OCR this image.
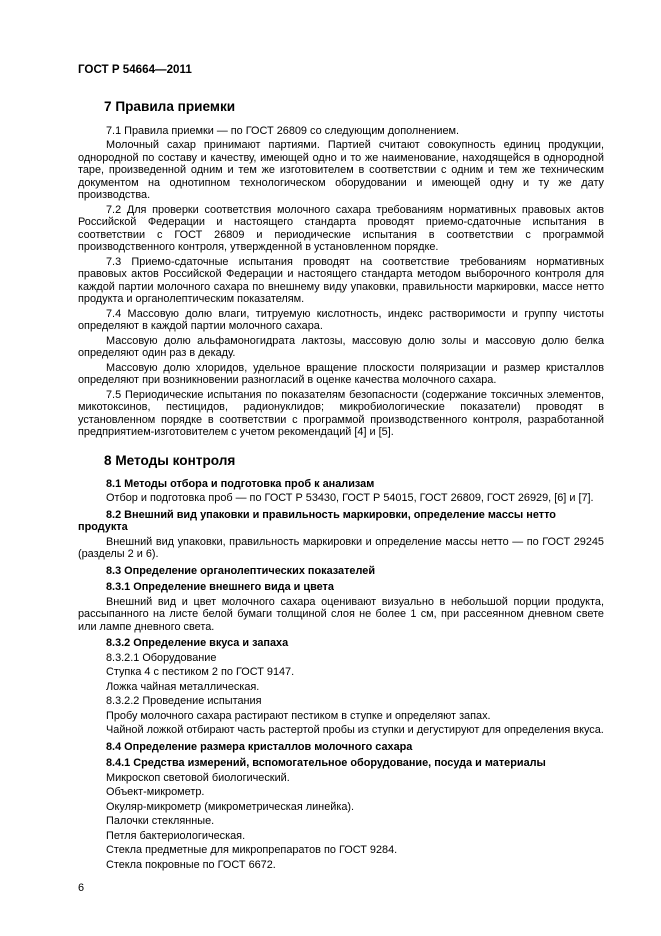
ГОСТ Р 54664—2011
7 Правила приемки

7.1 Правила приемки — по ГОСТ 26809 со следующим дополнением.

Молочный сахар принимают партиями. Партией считают совокупность единиц продукции, однородной по составу и качеству, имеющей одно и то же наименование, находящейся в однородной таре, произведенной одним и тем же изготовителем в соответствии с одним и тем же техническим документом на однотипном технологическом оборудовании и имеющей одну и ту же дату производства.

7.2 Для проверки соответствия молочного сахара требованиям нормативных правовых актов Российской Федерации и настоящего стандарта проводят приемо-сдаточные испытания в соответствии с ГОСТ 26809 и периодические испытания в соответствии с программой производственного контроля, утвержденной в установленном порядке.

7.3 Приемо-сдаточные испытания проводят на соответствие требованиям нормативных правовых актов Российской Федерации и настоящего стандарта методом выборочного контроля для каждой партии молочного сахара по внешнему виду упаковки, правильности маркировки, массе нетто продукта и органолептическим показателям.

7.4 Массовую долю влаги, титруемую кислотность, индекс растворимости и группу чистоты определяют в каждой партии молочного сахара.

Массовую долю альфамоногидрата лактозы, массовую долю золы и массовую долю белка определяют один раз в декаду.

Массовую долю хлоридов, удельное вращение плоскости поляризации и размер кристаллов определяют при возникновении разногласий в оценке качества молочного сахара.

7.5 Периодические испытания по показателям безопасности (содержание токсичных элементов, микотоксинов, пестицидов, радионуклидов; микробиологические показатели) проводят в установленном порядке в соответствии с программой производственного контроля, разработанной предприятием-изготовителем с учетом рекомендаций [4] и [5].

8 Методы контроля
8.1 Методы отбора и подготовка проб к анализам

Отбор и подготовка проб — по ГОСТ Р 53430, ГОСТ Р 54015, ГОСТ 26809, ГОСТ 26929, [6] и [7].

8.2 Внешний вид упаковки и правильность маркировки, определение массы нетто продукта

Внешний вид упаковки, правильность маркировки и определение массы нетто — по ГОСТ 29245 (разделы 2 и 6).

8.3 Определение органолептических показателей
8.3.1 Определение внешнего вида и цвета

Внешний вид и цвет молочного сахара оценивают визуально в небольшой порции продукта, рассыпанного на листе белой бумаги толщиной слоя не более 1 см, при рассеянном дневном свете или лампе дневного света.

8.3.2 Определение вкуса и запаха

8.3.2.1 Оборудование

Ступка 4 с пестиком 2 по ГОСТ 9147.

Ложка чайная металлическая.

8.3.2.2 Проведение испытания

Пробу молочного сахара растирают пестиком в ступке и определяют запах.

Чайной ложкой отбирают часть растертой пробы из ступки и дегустируют для определения вкуса.

8.4 Определение размера кристаллов молочного сахара
8.4.1 Средства измерений, вспомогательное оборудование, посуда и материалы

Микроскоп световой биологический.

Объект-микрометр.

Окуляр-микрометр (микрометрическая линейка).

Палочки стеклянные.

Петля бактериологическая.

Стекла предметные для микропрепаратов по ГОСТ 9284.

Стекла покровные по ГОСТ 6672.

6
